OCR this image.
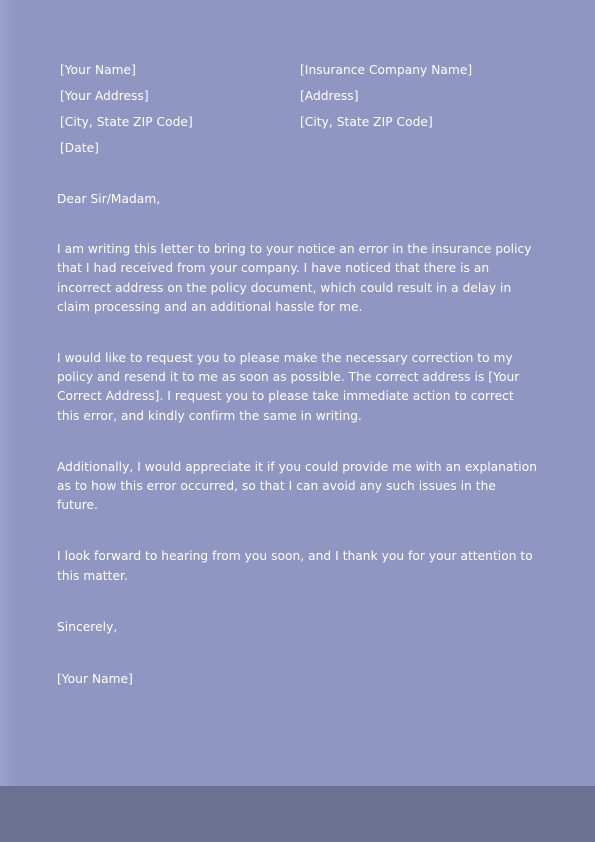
[Your Name]
[Your Address]
[City, State ZIP Code]
[Date]
[Insurance Company Name]
[Address]
[City, State ZIP Code]

Dear Sir/Madam,

I am writing this letter to bring to your notice an error in the insurance policy that I had received from your company. I have noticed that there is an incorrect address on the policy document, which could result in a delay in claim processing and an additional hassle for me.

I would like to request you to please make the necessary correction to my policy and resend it to me as soon as possible. The correct address is [Your Correct Address]. I request you to please take immediate action to correct this error, and kindly confirm the same in writing.

Additionally, I would appreciate it if you could provide me with an explanation as to how this error occurred, so that I can avoid any such issues in the future.

I look forward to hearing from you soon, and I thank you for your attention to this matter.

Sincerely,

[Your Name]
